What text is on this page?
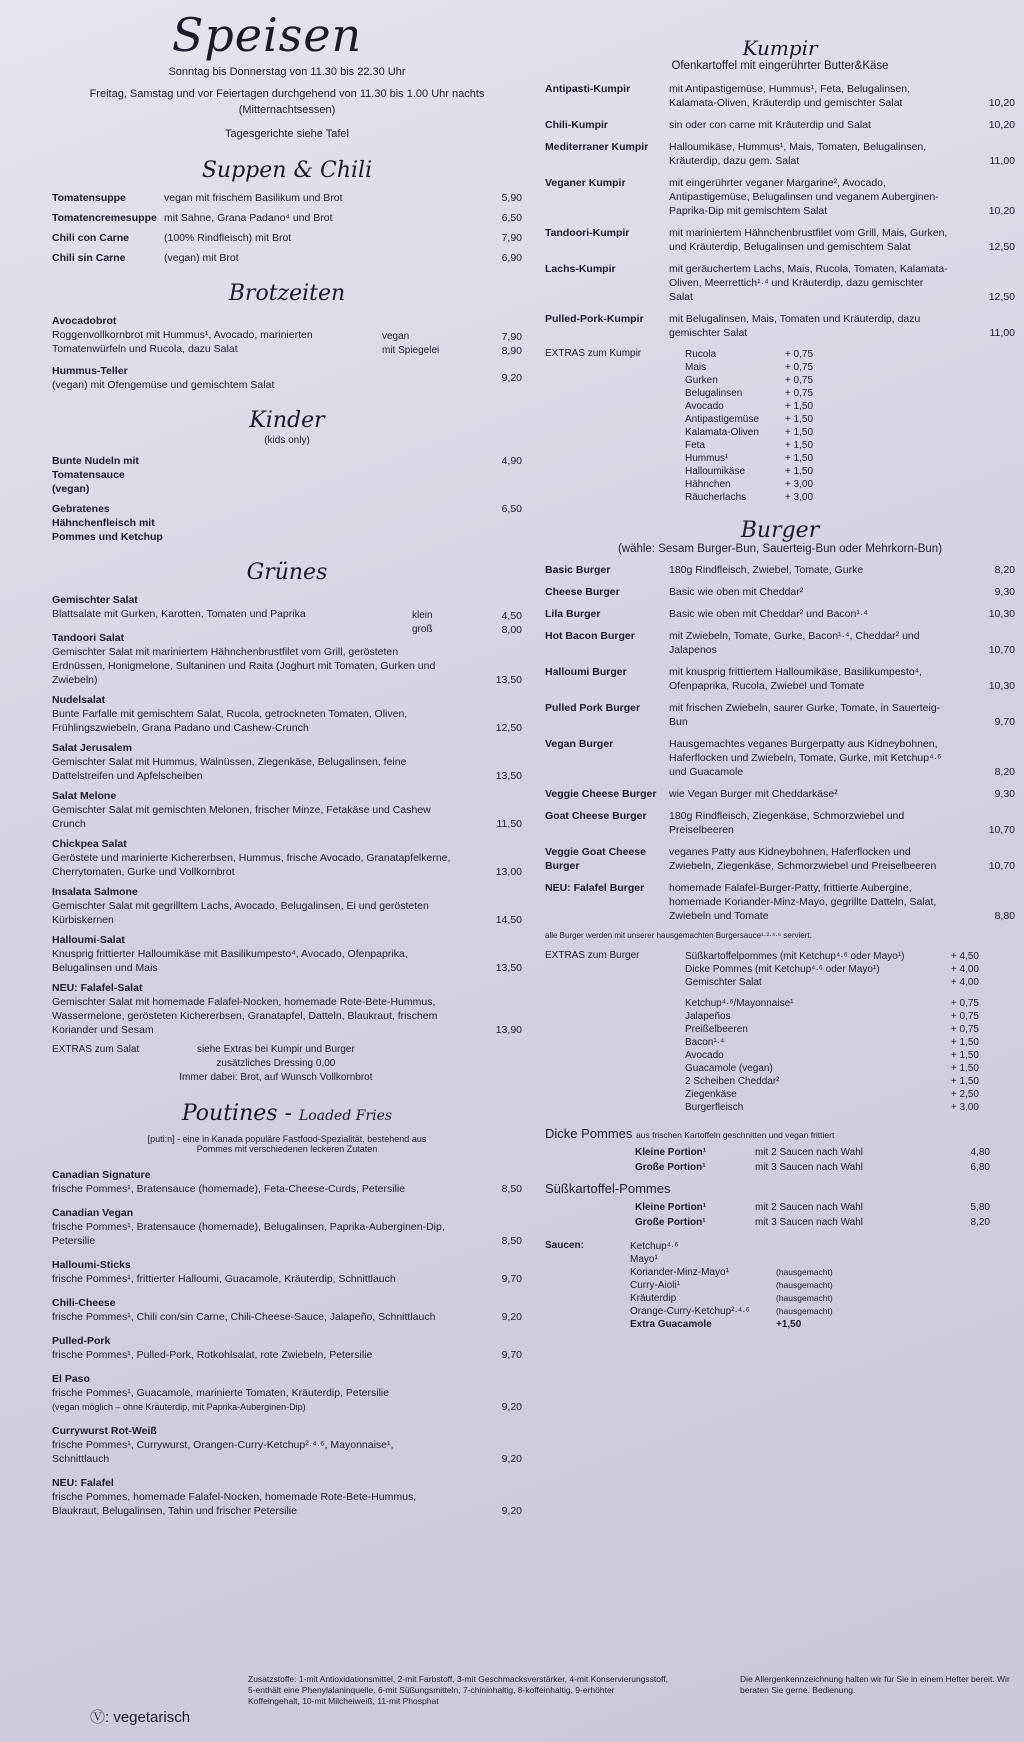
Speisen
Sonntag bis Donnerstag von 11.30 bis 22.30 Uhr
Freitag, Samstag und vor Feiertagen durchgehend von 11.30 bis 1.00 Uhr nachts
(Mitternachtsessen)
Tagesgerichte siehe Tafel
Suppen & Chili
Tomatensuppe	vegan mit frischem Basilikum und Brot	5,90
Tomatencremesuppe mit Sahne, Grana Padano⁴ und Brot	6,50
Chili con Carne	(100% Rindfleisch) mit Brot	7,90
Chili sin Carne	(vegan) mit Brot	6,90
Brotzeiten
Avocadobrot
Roggenvollkornbrot mit Hummus¹, Avocado, marinierten Tomatenwürfeln und Rucola, dazu Salat
vegan	7,90
mit Spiegelei	8,90
Hummus-Teller
(vegan) mit Ofengemüse und gemischtem Salat
9,20
Kinder
(kids only)
Bunte Nudeln mit Tomatensauce (vegan)
4,90
Gebratenes Hähnchenfleisch mit Pommes und Ketchup
6,50
Grünes
Gemischter Salat
Blattsalate mit Gurken, Karotten, Tomaten und Paprika	klein	4,50
groß	8,00
Tandoori Salat
Gemischter Salat mit mariniertem Hähnchenbrustfilet vom Grill, gerösteten Erdnüssen, Honigmelone, Sultaninen und Raita (Joghurt mit Tomaten, Gurken und Zwiebeln)	13,50
Nudelsalat
Bunte Farfalle mit gemischtem Salat, Rucola, getrockneten Tomaten, Oliven, Frühlingszwiebeln, Grana Padano und Cashew-Crunch	12,50
Salat Jerusalem
Gemischter Salat mit Hummus, Walnüssen, Ziegenkäse, Belugalinsen, feine Dattelstreifen und Apfelscheiben	13,50
Salat Melone
Gemischter Salat mit gemischten Melonen, frischer Minze, Fetakäse und Cashew Crunch	11,50
Chickpea Salat
Geröstete und marinierte Kichererbsen, Hummus, frische Avocado, Granatapfelkerne, Cherrytomaten, Gurke und Vollkornbrot	13,00
Insalata Salmone
Gemischter Salat mit gegrilltem Lachs, Avocado, Belugalinsen, Ei und gerösteten Kürbiskernen	14,50
Halloumi-Salat
Knusprig frittierter Halloumikäse mit Basilikumpesto⁴, Avocado, Ofenpaprika, Belugalinsen und Mais	13,50
NEU: Falafel-Salat
Gemischter Salat mit homemade Falafel-Nocken, homemade Rote-Bete-Hummus, Wassermelone, gerösteten Kichererbsen, Granatapfel, Datteln, Blaukraut, frischem Koriander und Sesam	13,90
EXTRAS zum Salat	siehe Extras bei Kumpir und Burger
zusätzliches Dressing 0,00
Immer dabei: Brot, auf Wunsch Vollkornbrot
Poutines - Loaded Fries
[puti:n] - eine in Kanada populäre Fastfood-Spezialität, bestehend aus Pommes mit verschiedenen leckeren Zutaten
Canadian Signature
frische Pommes¹, Bratensauce (homemade), Feta-Cheese-Curds, Petersilie	8,50
Canadian Vegan
frische Pommes¹, Bratensauce (homemade), Belugalinsen, Paprika-Auberginen-Dip, Petersilie	8,50
Halloumi-Sticks
frische Pommes¹, frittierter Halloumi, Guacamole, Kräuterdip, Schnittlauch	9,70
Chili-Cheese
frische Pommes¹, Chili con/sin Carne, Chili-Cheese-Sauce, Jalapeño, Schnittlauch	9,20
Pulled-Pork
frische Pommes¹, Pulled-Pork, Rotkohlsalat, rote Zwiebeln, Petersilie	9,70
El Paso
frische Pommes¹, Guacamole, marinierte Tomaten, Kräuterdip, Petersilie
(vegan möglich – ohne Kräuterdip, mit Paprika-Auberginen-Dip)	9,20
Currywurst Rot-Weiß
frische Pommes¹, Currywurst, Orangen-Curry-Ketchup²·⁴·⁶, Mayonnaise¹, Schnittlauch	9,20
NEU: Falafel
frische Pommes, homemade Falafel-Nocken, homemade Rote-Bete-Hummus, Blaukraut, Belugalinsen, Tahin und frischer Petersilie	9,20
Kumpir
Ofenkartoffel mit eingerührter Butter&Käse
Antipasti-Kumpir	mit Antipastigemüse, Hummus¹, Feta, Belugalinsen, Kalamata-Oliven, Kräuterdip und gemischter Salat	10,20
Chili-Kumpir	sin oder con carne mit Kräuterdip und Salat	10,20
Mediterraner Kumpir	Halloumikäse, Hummus¹, Mais, Tomaten, Belugalinsen, Kräuterdip, dazu gem. Salat	11,00
Veganer Kumpir	mit eingerührter veganer Margarine², Avocado, Antipastigemüse, Belugalinsen und veganem Auberginen-Paprika-Dip mit gemischtem Salat	10,20
Tandoori-Kumpir	mit mariniertem Hähnchenbrustfilet vom Grill, Mais, Gurken, und Kräuterdip, Belugalinsen und gemischtem Salat	12,50
Lachs-Kumpir	mit geräuchertem Lachs, Mais, Rucola, Tomaten, Kalamata-Oliven, Meerrettich¹·⁴ und Kräuterdip, dazu gemischter Salat	12,50
Pulled-Pork-Kumpir	mit Belugalinsen, Mais, Tomaten und Kräuterdip, dazu gemischter Salat	11,00
EXTRAS zum Kumpir	Rucola	+ 0,75
Mais	+ 0,75
Gurken	+ 0,75
Belugalinsen	+ 0,75
Avocado	+ 1,50
Antipastigemüse	+ 1,50
Kalamata-Oliven	+ 1,50
Feta	+ 1,50
Hummus¹	+ 1,50
Halloumikäse	+ 1,50
Hähnchen	+ 3,00
Räucherlachs	+ 3,00
Burger
(wähle: Sesam Burger-Bun, Sauerteig-Bun oder Mehrkorn-Bun)
Basic Burger	180g Rindfleisch, Zwiebel, Tomate, Gurke	8,20
Cheese Burger	Basic wie oben mit Cheddar²	9,30
Lila Burger	Basic wie oben mit Cheddar² und Bacon¹·⁴	10,30
Hot Bacon Burger	mit Zwiebeln, Tomate, Gurke, Bacon¹·⁴, Cheddar² und Jalapenos	10,70
Halloumi Burger	mit knusprig frittiertem Halloumikäse, Basilikumpesto⁴, Ofenpaprika, Rucola, Zwiebel und Tomate	10,30
Pulled Pork Burger	mit frischen Zwiebeln, saurer Gurke, Tomate, in Sauerteig-Bun	9,70
Vegan Burger	Hausgemachtes veganes Burgerpatty aus Kidneybohnen, Haferflocken und Zwiebeln, Tomate, Gurke, mit Ketchup⁴·⁶ und Guacamole	8,20
Veggie Cheese Burger	wie Vegan Burger mit Cheddarkäse²	9,30
Goat Cheese Burger	180g Rindfleisch, Ziegenkäse, Schmorzwiebel und Preiselbeeren	10,70
Veggie Goat Cheese Burger
veganes Patty aus Kidneybohnen, Haferflocken und Zwiebeln, Ziegenkäse, Schmorzwiebel und Preiselbeeren	10,70
NEU: Falafel Burger	homemade Falafel-Burger-Patty, frittierte Aubergine, homemade Koriander-Minz-Mayo, gegrillte Datteln, Salat, Zwiebeln und Tomate	8,80
alle Burger werden mit unserer hausgemachten Burgersauce¹·²·⁴·⁶ serviert.
EXTRAS zum Burger	Süßkartoffelpommes (mit Ketchup⁴·⁶ oder Mayo¹)	+ 4,50
Dicke Pommes (mit Ketchup⁴·⁶ oder Mayo¹)	+ 4,00
Gemischter Salat	+ 4,00

Ketchup⁴·⁶/Mayonnaise¹	+ 0,75
Jalapeños	+ 0,75
Preißelbeeren	+ 0,75
Bacon¹·⁴	+ 1,50
Avocado	+ 1,50
Guacamole (vegan)	+ 1,50
2 Scheiben Cheddar²	+ 1,50
Ziegenkäse	+ 2,50
Burgerfleisch	+ 3,00
Dicke Pommes aus frischen Kartoffeln geschnitten und vegan frittiert
Kleine Portion¹	mit 2 Saucen nach Wahl	4,80
Große Portion¹	mit 3 Saucen nach Wahl	6,80
Süßkartoffel-Pommes
Kleine Portion¹	mit 2 Saucen nach Wahl	5,80
Große Portion¹	mit 3 Saucen nach Wahl	8,20
Saucen:	Ketchup⁴·⁶	
Mayo¹	
Koriander-Minz-Mayo¹	(hausgemacht)
Curry-Aioli¹	(hausgemacht)
Kräuterdip	(hausgemacht)
Orange-Curry-Ketchup²·⁴·⁶	(hausgemacht)
Extra Guacamole	+1,50
Ⓥ: vegetarisch
Zusatzstoffe: 1-mit Antioxidationsmittel, 2-mit Farbstoff, 3-mit Geschmacksverstärker, 4-mit Konservierungsstoff, 5-enthält eine Phenylalaninquelle, 6-mit Süßungsmitteln, 7-chininhaltig, 8-koffeinhaltig, 9-erhöhter Koffeingehalt, 10-mit Milcheiweiß, 11-mit Phosphat
Die Allergenkennzeichnung halten wir für Sie in einem Hefter bereit. Wir beraten Sie gerne. Bedienung.
